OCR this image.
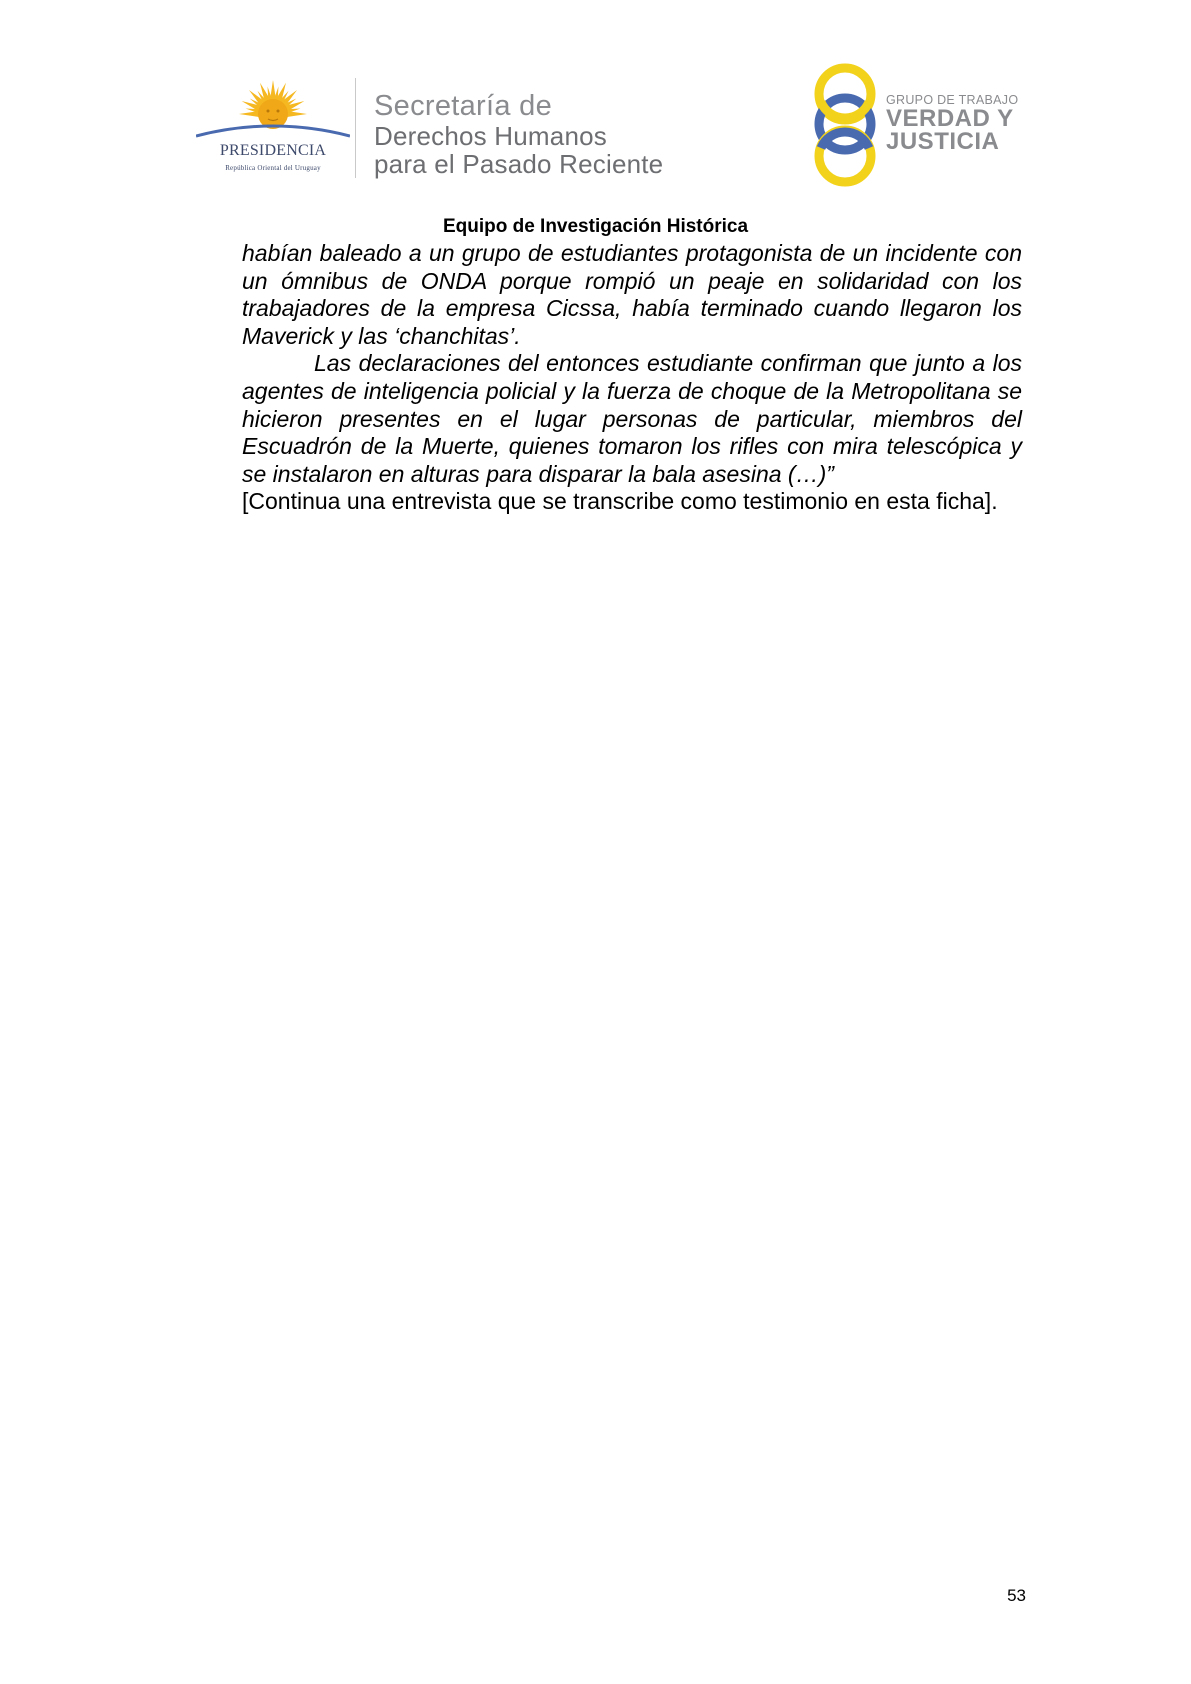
PRESIDENCIA
República Oriental del Uruguay
Secretaría de
Derechos Humanos
para el Pasado Reciente
GRUPO DE TRABAJO
VERDAD Y
JUSTICIA
Equipo de Investigación Histórica

habían baleado a un grupo de estudiantes protagonista de un incidente con un ómnibus de ONDA porque rompió un peaje en solidaridad con los trabajadores de la empresa Cicssa, había terminado cuando llegaron los Maverick y las ‘chanchitas’.

Las declaraciones del entonces estudiante confirman que junto a los agentes de inteligencia policial y la fuerza de choque de la Metropolitana se hicieron presentes en el lugar personas de particular, miembros del Escuadrón de la Muerte, quienes tomaron los rifles con mira telescópica y se instalaron en alturas para disparar la bala asesina (…)”

[Continua una entrevista que se transcribe como testimonio en esta ficha].

53
